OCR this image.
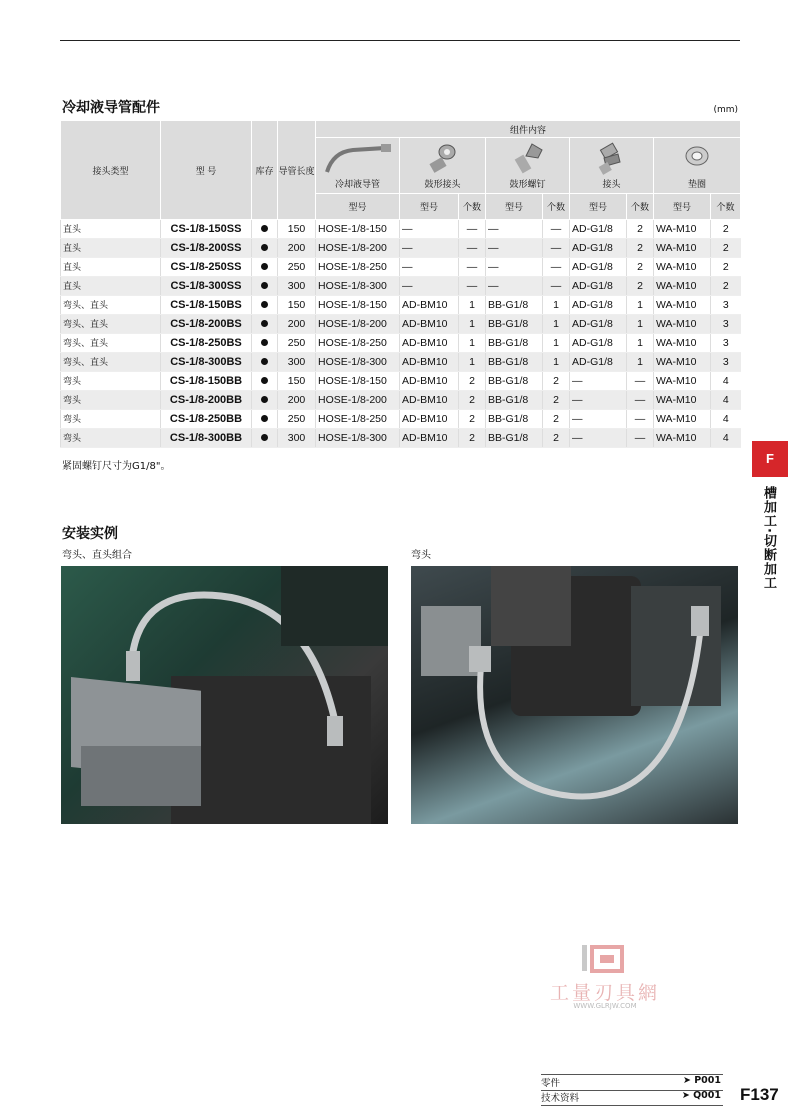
冷却液导管配件	(mm)
接头类型	型 号	库存	导管长度	组件内容								

				冷却液导管	鼓形接头		鼓形螺钉		接头		垫圈	

				型号	型号	个数	型号	个数	型号	个数	型号	个数
直头	CS-1/8-150SS		150	HOSE-1/8-150	—	—	—	—	AD-G1/8	2	WA-M10	2
直头	CS-1/8-200SS		200	HOSE-1/8-200	—	—	—	—	AD-G1/8	2	WA-M10	2
直头	CS-1/8-250SS		250	HOSE-1/8-250	—	—	—	—	AD-G1/8	2	WA-M10	2
直头	CS-1/8-300SS		300	HOSE-1/8-300	—	—	—	—	AD-G1/8	2	WA-M10	2
弯头、直头	CS-1/8-150BS		150	HOSE-1/8-150	AD-BM10	1	BB-G1/8	1	AD-G1/8	1	WA-M10	3
弯头、直头	CS-1/8-200BS		200	HOSE-1/8-200	AD-BM10	1	BB-G1/8	1	AD-G1/8	1	WA-M10	3
弯头、直头	CS-1/8-250BS		250	HOSE-1/8-250	AD-BM10	1	BB-G1/8	1	AD-G1/8	1	WA-M10	3
弯头、直头	CS-1/8-300BS		300	HOSE-1/8-300	AD-BM10	1	BB-G1/8	1	AD-G1/8	1	WA-M10	3
弯头	CS-1/8-150BB		150	HOSE-1/8-150	AD-BM10	2	BB-G1/8	2	—	—	WA-M10	4
弯头	CS-1/8-200BB		200	HOSE-1/8-200	AD-BM10	2	BB-G1/8	2	—	—	WA-M10	4
弯头	CS-1/8-250BB		250	HOSE-1/8-250	AD-BM10	2	BB-G1/8	2	—	—	WA-M10	4
弯头	CS-1/8-300BB		300	HOSE-1/8-300	AD-BM10	2	BB-G1/8	2	—	—	WA-M10	4
紧固螺钉尺寸为G1/8"。
F
槽加工·切断加工
安装实例
弯头、直头组合	弯头
工量刃具網
WWW.GLRJW.COM
零件	➤ P001
技术资料	➤ Q001 F137
